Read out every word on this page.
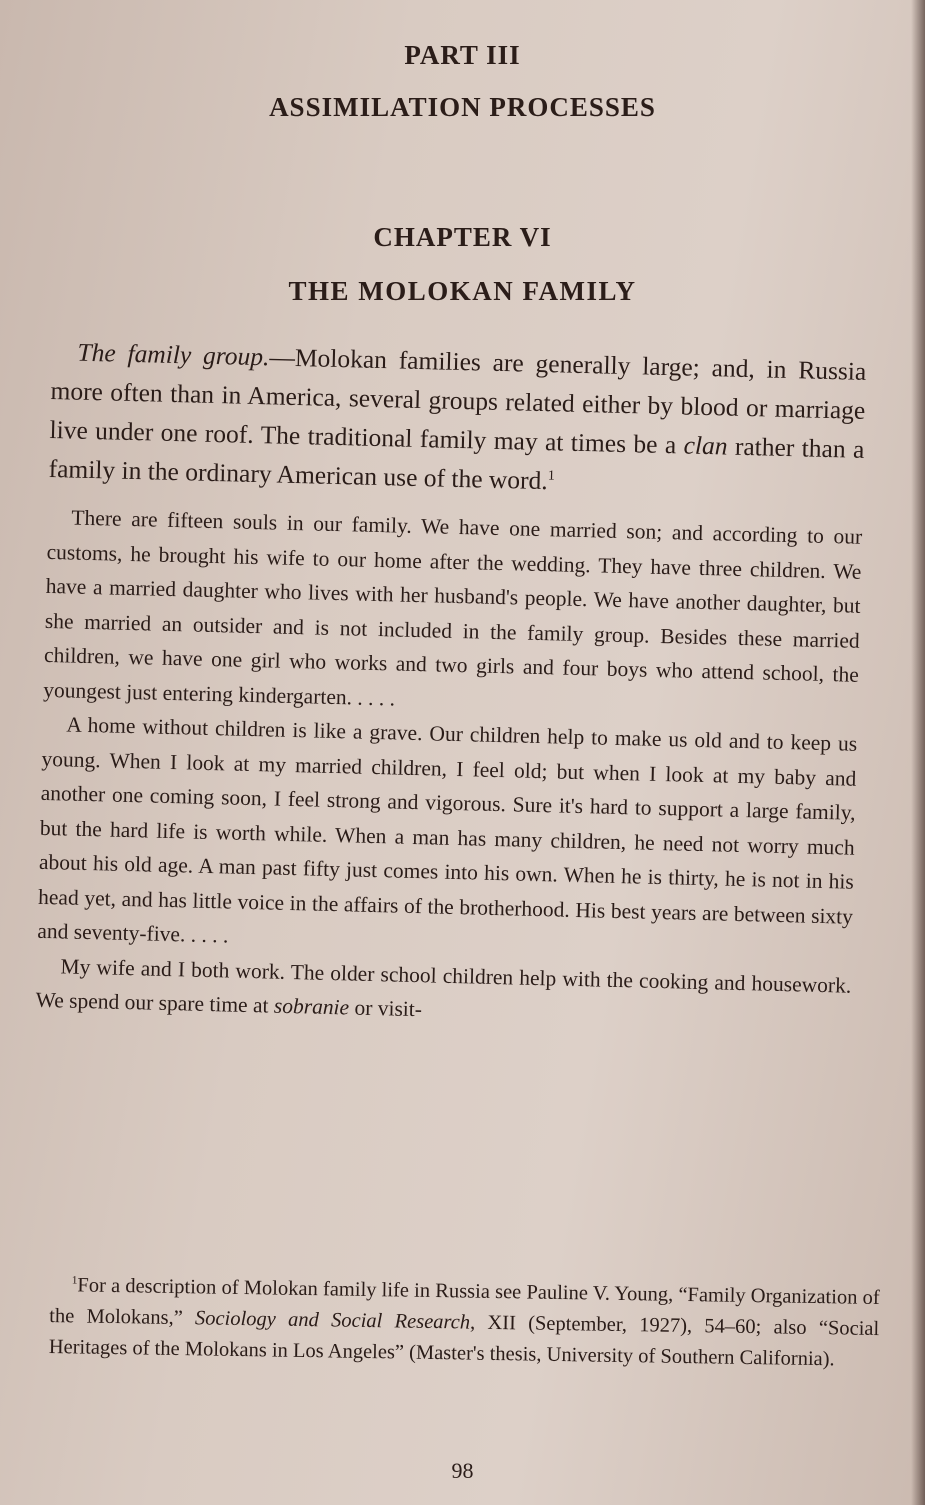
PART III
ASSIMILATION PROCESSES
CHAPTER VI
THE MOLOKAN FAMILY

The family group.—Molokan families are generally large; and, in Russia more often than in America, several groups related either by blood or marriage live under one roof. The traditional family may at times be a clan rather than a family in the ordinary American use of the word.$^1$

There are fifteen souls in our family. We have one married son; and according to our customs, he brought his wife to our home after the wedding. They have three children. We have a married daughter who lives with her husband's people. We have another daughter, but she married an outsider and is not included in the family group. Besides these married children, we have one girl who works and two girls and four boys who attend school, the youngest just entering kindergarten. . . . .

A home without children is like a grave. Our children help to make us old and to keep us young. When I look at my married children, I feel old; but when I look at my baby and another one coming soon, I feel strong and vigorous. Sure it's hard to support a large family, but the hard life is worth while. When a man has many children, he need not worry much about his old age. A man past fifty just comes into his own. When he is thirty, he is not in his head yet, and has little voice in the affairs of the brotherhood. His best years are between sixty and seventy-five. . . . .

My wife and I both work. The older school children help with the cooking and housework. We spend our spare time at sobranie or visit-

$^1$For a description of Molokan family life in Russia see Pauline V. Young, “Family Organization of the Molokans,” Sociology and Social Research, XII (September, 1927), 54–60; also “Social Heritages of the Molokans in Los Angeles” (Master's thesis, University of Southern California).

98
